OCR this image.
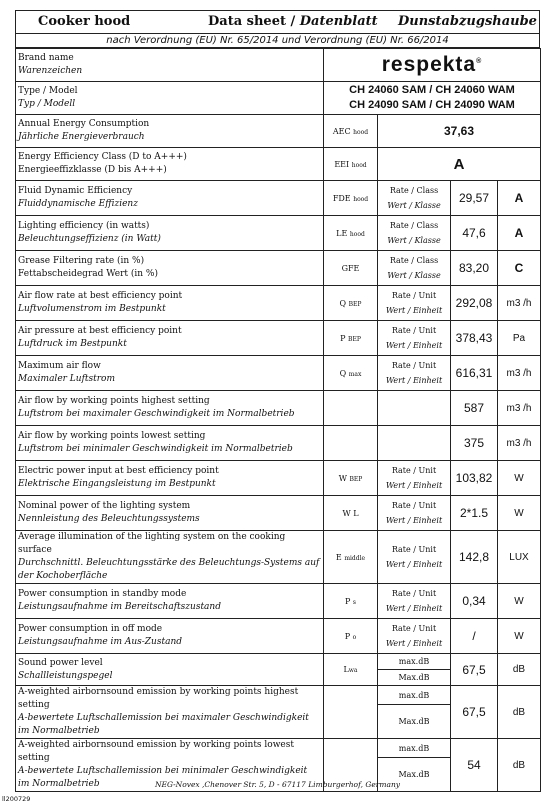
Cooker hood	Data sheet / Datenblatt Dunstabzugshaube
nach Verordnung (EU) Nr. 65/2014 und Verordnung (EU) Nr. 66/2014
Brand name
Warenzeichen	respekta®

Type / Model
Typ / Modell	CH 24060 SAM / CH 24060 WAM
CH 24090 SAM / CH 24090 WAM			

Annual Energy Consumption
Jährliche Energieverbrauch	AEC hood	37,63		

Energy Efficiency Class (D to A+++)
Energieeffizklasse (D bis A+++)	EEI hood	A		

Fluid Dynamic Efficiency
Fluiddynamische Effizienz	FDE hood	Rate / Class
Wert / Klasse	29,57	A

Lighting efficiency (in watts)
Beleuchtungseffizienz (in Watt)	LE hood	Rate / Class
Wert / Klasse	47,6	A

Grease Filtering rate (in %)
Fettabscheidegrad Wert (in %)	GFE	Rate / Class
Wert / Klasse	83,20	C

Air flow rate at best efficiency point
Luftvolumenstrom im Bestpunkt	Q BEP	Rate / Unit
Wert / Einheit	292,08	m3 /h

Air pressure at best efficiency point
Luftdruck im Bestpunkt	P BEP	Rate / Unit
Wert / Einheit	378,43	Pa

Maximum air flow
Maximaler Luftstrom	Q max	Rate / Unit
Wert / Einheit	616,31	m3 /h

Air flow by working points highest setting
Luftstrom bei maximaler Geschwindigkeit im Normalbetrieb			587	m3 /h

Air flow by working points lowest setting
Luftstrom bei minimaler Geschwindigkeit im Normalbetrieb			375	m3 /h

Electric power input at best efficiency point
Elektrische Eingangsleistung im Bestpunkt	W BEP	Rate / Unit
Wert / Einheit	103,82	W

Nominal power of the lighting system
Nennleistung des Beleuchtungssystems	W L	Rate / Unit
Wert / Einheit	2*1.5	W

Average illumination of the lighting system on the cooking surface
Durchschnittl. Beleuchtungsstärke des Beleuchtungs-Systems auf der Kochoberfläche	E middle	Rate / Unit
Wert / Einheit	142,8	LUX

Power consumption in standby mode
Leistungsaufnahme im Bereitschaftszustand	P s	Rate / Unit
Wert / Einheit	0,34	W

Power consumption in off mode
Leistungsaufnahme im Aus-Zustand	P o	Rate / Unit
Wert / Einheit	/	W

Sound power level
Schallleistungspegel	Lwa	max.dB	67,5	dB
		Max.dB		

A-weighted airbornsound emission by working points highest setting
A-bewertete Luftschallemission bei maximaler Geschwindigkeit im Normalbetrieb		max.dB	67,5	dB
		Max.dB		

A-weighted airbornsound emission by working points lowest setting
A-bewertete Luftschallemission bei minimaler Geschwindigkeit im Normalbetrieb		max.dB	54	dB
		Max.dB		
NEG-Novex ,Chenover Str. 5, D - 67117 Limburgerhof, Germany
ll200729
